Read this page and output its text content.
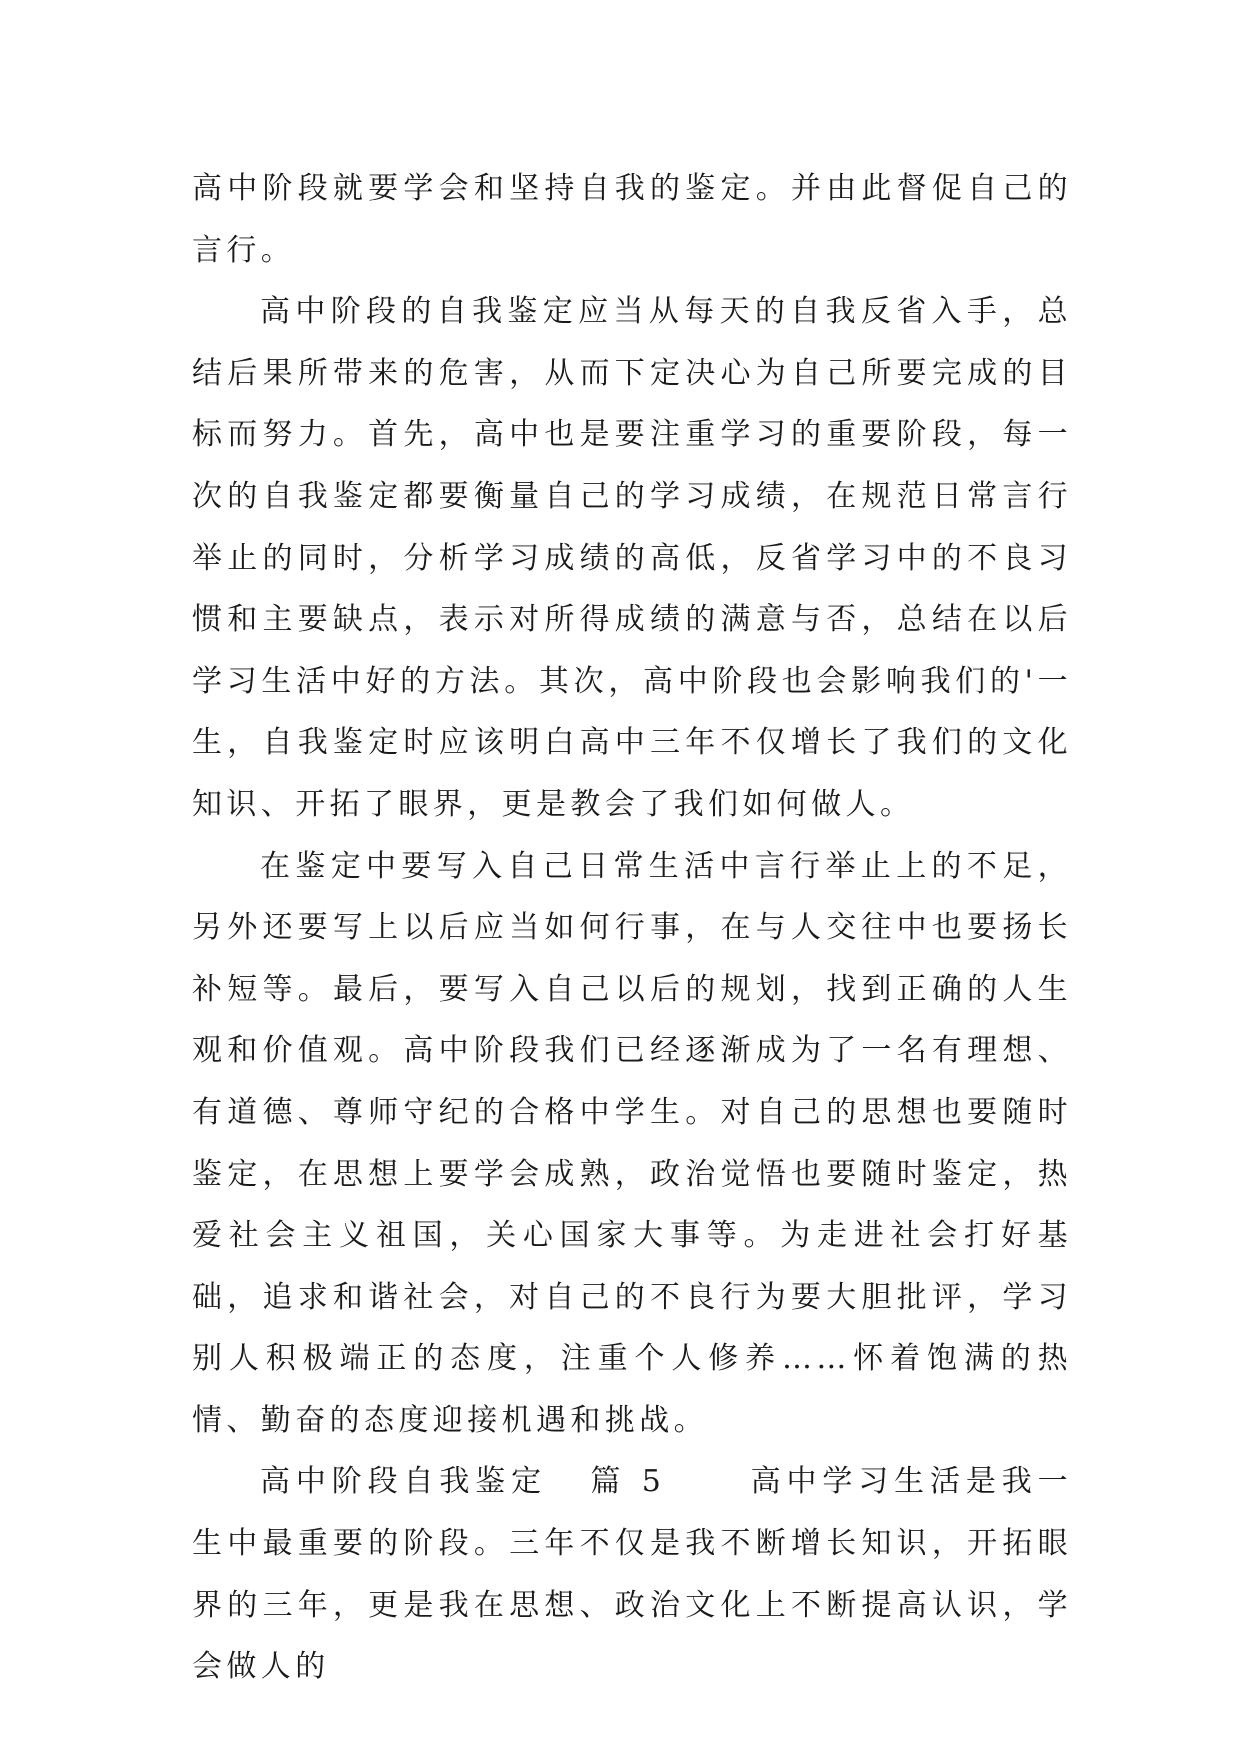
高中阶段就要学会和坚持自我的鉴定。并由此督促自己的言行。

高中阶段的自我鉴定应当从每天的自我反省入手，总结后果所带来的危害，从而下定决心为自己所要完成的目标而努力。首先，高中也是要注重学习的重要阶段，每一次的自我鉴定都要衡量自己的学习成绩，在规范日常言行举止的同时，分析学习成绩的高低，反省学习中的不良习惯和主要缺点，表示对所得成绩的满意与否，总结在以后学习生活中好的方法。其次，高中阶段也会影响我们的'一生，自我鉴定时应该明白高中三年不仅增长了我们的文化知识、开拓了眼界，更是教会了我们如何做人。

在鉴定中要写入自己日常生活中言行举止上的不足，另外还要写上以后应当如何行事，在与人交往中也要扬长补短等。最后，要写入自己以后的规划，找到正确的人生观和价值观。高中阶段我们已经逐渐成为了一名有理想、有道德、尊师守纪的合格中学生。对自己的思想也要随时鉴定，在思想上要学会成熟，政治觉悟也要随时鉴定，热爱社会主义祖国，关心国家大事等。为走进社会打好基础，追求和谐社会，对自己的不良行为要大胆批评，学习别人积极端正的态度，注重个人修养……怀着饱满的热情、勤奋的态度迎接机遇和挑战。

高中阶段自我鉴定 篇 5	高中学习生活是我一生中最重要的阶段。三年不仅是我不断增长知识，开拓眼界的三年，更是我在思想、政治文化上不断提高认识，学会做人的
